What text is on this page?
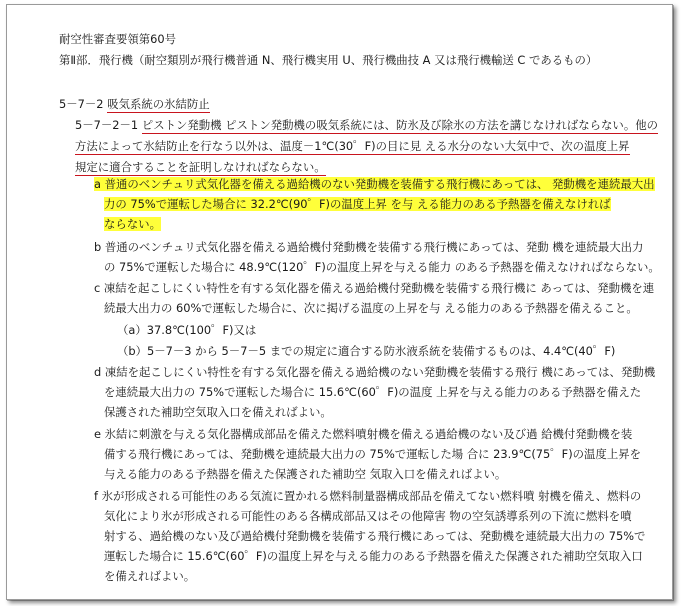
耐空性審査要領第60号
第Ⅱ部．飛行機（耐空類別が飛行機普通 N、飛行機実用 U、飛行機曲技 A 又は飛行機輸送 C であるもの）
5－7－2 吸気系統の氷結防止
5－7－2－1 ピストン発動機 ピストン発動機の吸気系統には、防氷及び除氷の方法を講じなければならない。他の
方法によって氷結防止を行なう以外は、温度－1℃(30゜F)の目に見 える水分のない大気中で、次の温度上昇
規定に適合することを証明しなければならない。
a 普通のベンチュリ式気化器を備える過給機のない発動機を装備する飛行機にあっては、 発動機を連続最大出
力の 75%で運転した場合に 32.2℃(90゜F)の温度上昇 を与 える能力のある予熱器を備えなければ
ならない。
b 普通のベンチュリ式気化器を備える過給機付発動機を装備する飛行機にあっては、発動 機を連続最大出力
の 75%で運転した場合に 48.9℃(120゜F)の温度上昇を与える能力 のある予熱器を備えなければならない。
c 凍結を起こしにくい特性を有する気化器を備える過給機付発動機を装備する飛行機に あっては、発動機を連
続最大出力の 60%で運転した場合に、次に掲げる温度の上昇を与 える能力のある予熱器を備えること。
（a）37.8℃(100゜F)又は
（b）5－7－3 から 5－7－5 までの規定に適合する防氷液系統を装備するものは、4.4℃(40゜F)
d 凍結を起こしにくい特性を有する気化器を備える過給機のない発動機を装備する飛行 機にあっては、発動機
を連続最大出力の 75%で運転した場合に 15.6℃(60゜F)の温度 上昇を与える能力のある予熱器を備えた
保護された補助空気取入口を備えればよい。
e 氷結に刺激を与える気化器構成部品を備えた燃料噴射機を備える過給機のない及び過 給機付発動機を装
備する飛行機にあっては、発動機を連続最大出力の 75%で運転した場 合に 23.9℃(75゜F)の温度上昇を
与える能力のある予熱器を備えた保護された補助空 気取入口を備えればよい。
f 氷が形成される可能性のある気流に置かれる燃料制量器構成部品を備えてない燃料噴 射機を備え、燃料の
気化により氷が形成される可能性のある各構成部品又はその他障害 物の空気誘導系列の下流に燃料を噴
射する、過給機のない及び過給機付発動機を装備する飛行機にあっては、発動機を連続最大出力の 75%で
運転した場合に 15.6℃(60゜F)の温度上昇を与える能力のある予熱器を備えた保護された補助空気取入口
を備えればよい。
